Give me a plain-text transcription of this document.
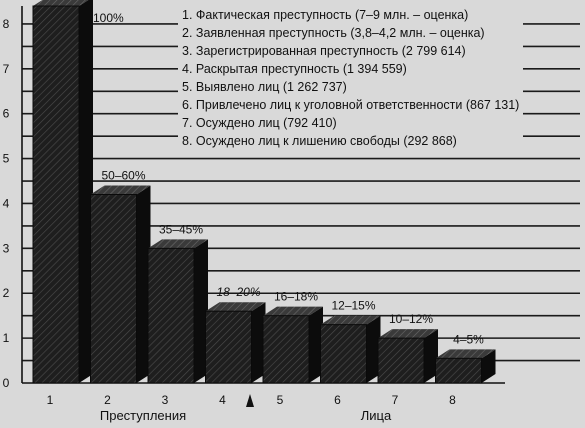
0
1
2
3
4
5
6
7
8
1
100%
2
50–60%
3
35–45%
4
18–20%
5
16–18%
6
12–15%
7
10–12%
8
4–5%
Преступления	Лица
1. Фактическая преступность (7–9 млн. – оценка)
2. Заявленная преступность (3,8–4,2 млн. – оценка)
3. Зарегистрированная преступность (2 799 614)
4. Раскрытая преступность (1 394 559)
5. Выявлено лиц (1 262 737)
6. Привлечено лиц к уголовной ответственности (867 131)
7. Осуждено лиц (792 410)
8. Осуждено лиц к лишению свободы (292 868)
